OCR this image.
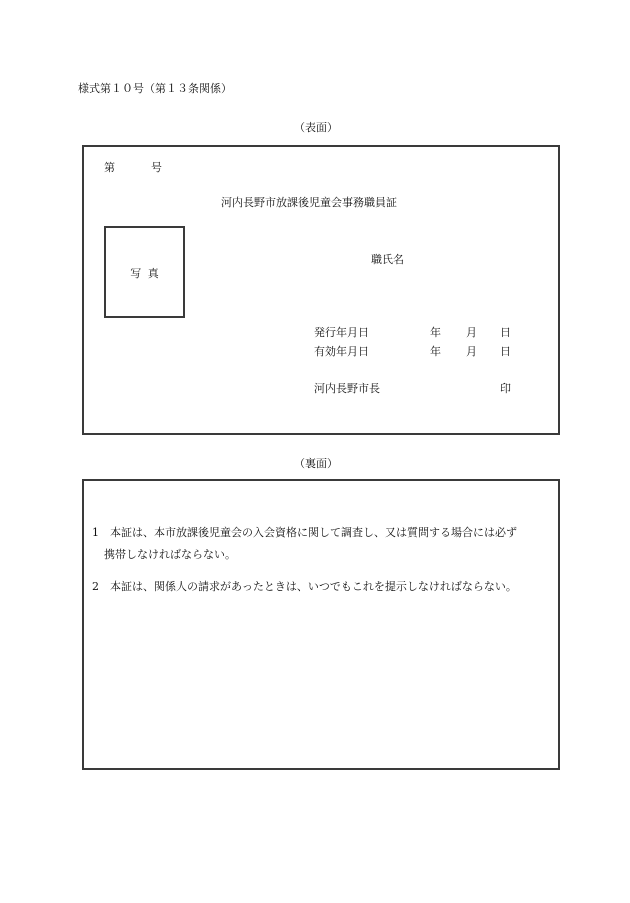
様式第１０号（第１３条関係）
（表面）
第	号
河内長野市放課後児童会事務職員証
写真
職氏名
発行年月日	年 月 日
有効年月日	年 月 日
河内長野市長	印
（裏面）
1 本証は、本市放課後児童会の入会資格に関して調査し、又は質問する場合には必ず
携帯しなければならない。
2 本証は、関係人の請求があったときは、いつでもこれを提示しなければならない。
